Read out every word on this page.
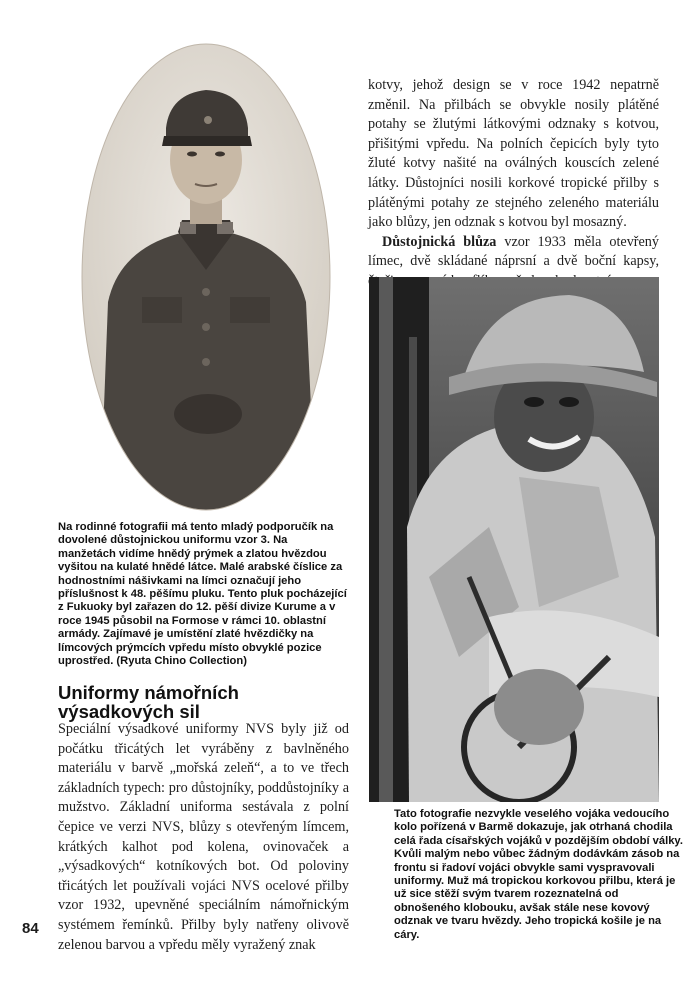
Na rodinné fotografii má tento mladý podporučík na dovolené důstojnickou uniformu vzor 3. Na manžetách vidíme hnědý prýmek a zlatou hvězdou vyšitou na kulaté hnědé látce. Malé arabské číslice za hodnostními nášivkami na límci označují jeho příslušnost k 48. pěšímu pluku. Tento pluk pocházející z Fukuoky byl zařazen do 12. pěší divize Kurume a v roce 1945 působil na Formose v rámci 10. oblastní armády. Zajímavé je umístění zlaté hvězdičky na límcových prýmcích vpředu místo obvyklé pozice uprostřed. (Ryuta Chino Collection)
Uniformy námořních
výsadkových sil
Speciální výsadkové uniformy NVS byly již od počátku třicátých let vyráběny z bavlněného materiálu v barvě „mořská zeleň“, a to ve třech základních typech: pro důstojníky, poddůstojníky a mužstvo. Základní uniforma sestávala z polní čepice ve verzi NVS, blůzy s otevřeným límcem, krátkých kalhot pod kolena, ovinovaček a „výsadkových“ kotníkových bot. Od poloviny třicátých let používali vojáci NVS ocelové přilby vzor 1932, upevněné speciálním námořnickým systémem řemínků. Přilby byly natřeny olivově zelenou barvou a vpředu měly vyražený znak
84

kotvy, jehož design se v roce 1942 nepatrně změnil. Na přilbách se obvykle nosily plátěné potahy se žlutými látkovými odznaky s kotvou, přišitými vpředu. Na polních čepicích byly tyto žluté kotvy našité na oválných kouscích zelené látky. Důstojníci nosili korkové tropické přilby s plátěnými potahy ze stejného zeleného materiálu jako blůzy, jen odznak s kotvou byl mosazný.

Důstojnická blůza vzor 1933 měla otevřený límec, dvě skládané náprsní a dvě boční kapsy,

Tato fotografie nezvykle veselého vojáka vedoucího kolo pořízená v Barmě dokazuje, jak otrhaná chodila celá řada císařských vojáků v pozdějším období války. Kvůli malým nebo vůbec žádným dodávkám zásob na frontu si řadoví vojáci obvykle sami vyspravovali uniformy. Muž má tropickou korkovou přilbu, která je už sice stěží svým tvarem rozeznatelná od obnošeného klobouku, avšak stále nese kovový odznak ve tvaru hvězdy. Jeho tropická košile je na cáry.
